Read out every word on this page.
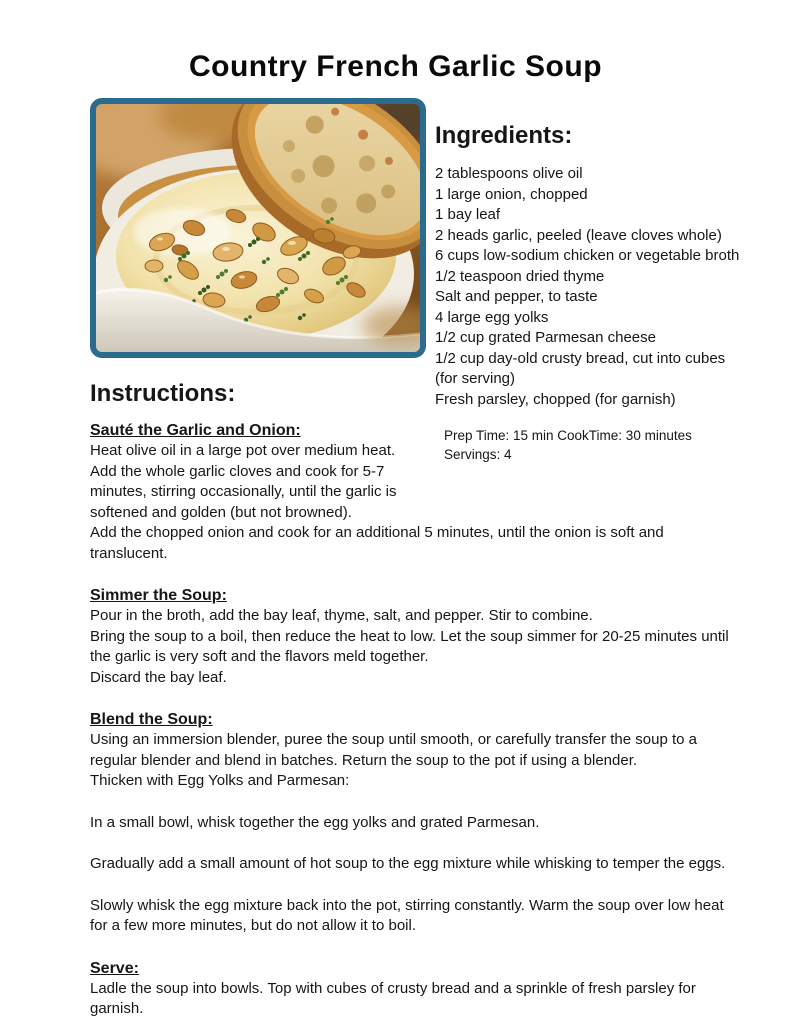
Country French Garlic Soup
Ingredients:
2 tablespoons olive oil
1 large onion, chopped
1 bay leaf
2 heads garlic, peeled (leave cloves whole)
6 cups low-sodium chicken or vegetable broth
1/2 teaspoon dried thyme
Salt and pepper, to taste
4 large egg yolks
1/2 cup grated Parmesan cheese
1/2 cup day-old crusty bread, cut into cubes (for serving)
Fresh parsley, chopped (for garnish)
Prep Time: 15 min CookTime: 30 minutes
Servings: 4
Instructions:
Sauté the Garlic and Onion:
Heat olive oil in a large pot over medium heat.
Add the whole garlic cloves and cook for 5-7 minutes, stirring occasionally, until the garlic is softened and golden (but not browned).
Add the chopped onion and cook for an additional 5 minutes, until the onion is soft and translucent.
Simmer the Soup:
Pour in the broth, add the bay leaf, thyme, salt, and pepper. Stir to combine.
Bring the soup to a boil, then reduce the heat to low. Let the soup simmer for 20-25 minutes until the garlic is very soft and the flavors meld together.
Discard the bay leaf.
Blend the Soup:
Using an immersion blender, puree the soup until smooth, or carefully transfer the soup to a regular blender and blend in batches. Return the soup to the pot if using a blender.
Thicken with Egg Yolks and Parmesan:
In a small bowl, whisk together the egg yolks and grated Parmesan.
Gradually add a small amount of hot soup to the egg mixture while whisking to temper the eggs.
Slowly whisk the egg mixture back into the pot, stirring constantly. Warm the soup over low heat for a few more minutes, but do not allow it to boil.
Serve:
Ladle the soup into bowls. Top with cubes of crusty bread and a sprinkle of fresh parsley for garnish.
